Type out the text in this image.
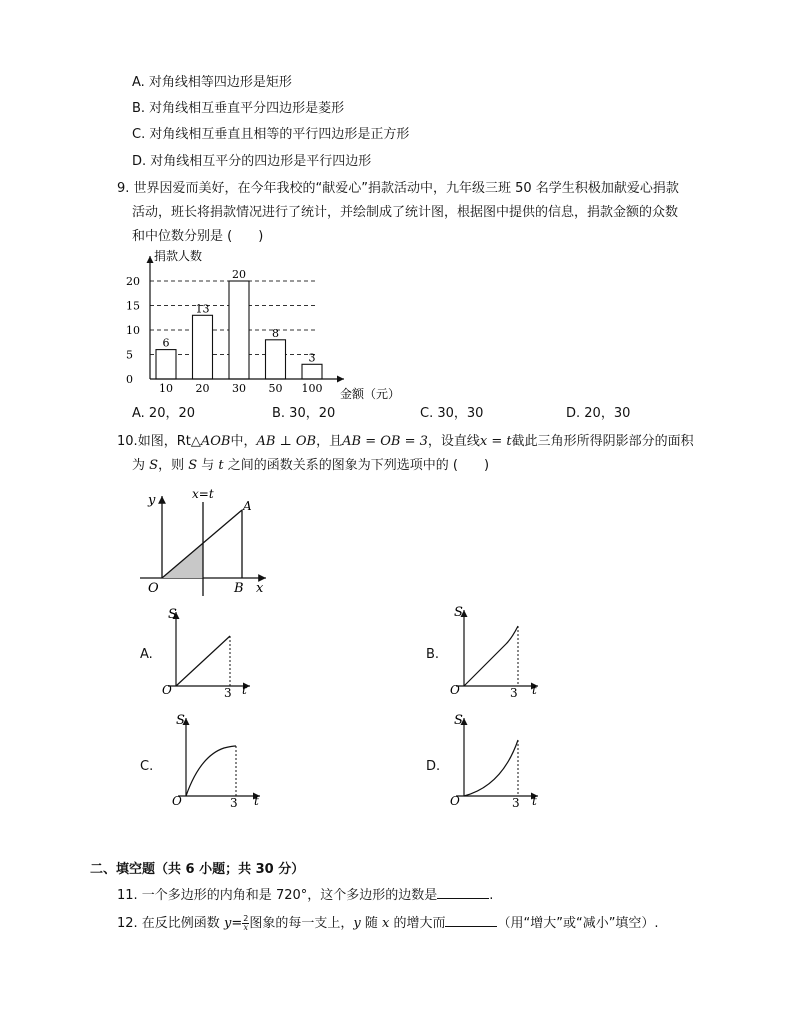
A. 对角线相等四边形是矩形
B. 对角线相互垂直平分四边形是菱形
C. 对角线相互垂直且相等的平行四边形是正方形
D. 对角线相互平分的四边形是平行四边形
9. 世界因爱而美好，在今年我校的“献爱心”捐款活动中，九年级三班 50 名学生积极加献爱心捐款
活动，班长将捐款情况进行了统计，并绘制成了统计图，根据图中提供的信息，捐款金额的众数
和中位数分别是 (　　)
捐款人数
6
13
20
8
3
0
5
10
15
20
10 20 30 50 100 金额（元）
A. 20，20	B. 30，20	C. 30，30	D. 20，30
10.如图，Rt△AOB中，AB ⊥ OB，且AB = OB = 3，设直线x = t截此三角形所得阴影部分的面积
为 S，则 S 与 t 之间的函数关系的图象为下列选项中的 (　　)
y	x=t
A
O	B x
A.
S
O	3 t
B.
S
O	3 t
C.
S
O	3 t
D.
S
O	3 t
二、填空题（共 6 小题；共 30 分）
11. 一个多边形的内角和是 720°，这个多边形的边数是	.
12. 在反比例函数 $y= \frac{2}{x}$ 图象的每一支上，y 随 x 的增大而	（用“增大”或“减小”填空）.
